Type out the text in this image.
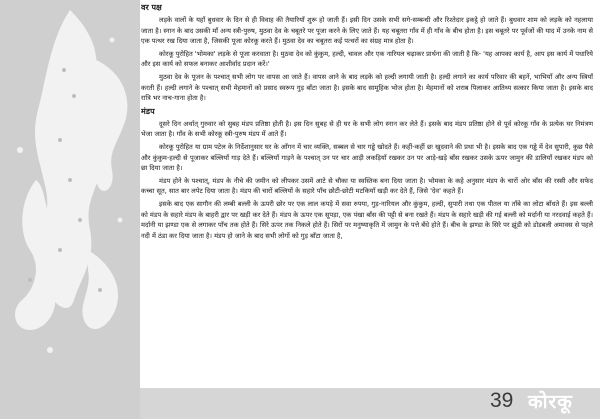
वर पक्ष

लड़के वालों के यहाँ बुधवार के दिन से ही विवाह की तैयारियाँ शुरू हो जाती हैं। इसी दिन उसके सभी सगे-सम्बन्धी और रिश्तेदार इकट्ठे हो जाते हैं। बुधवार शाम को लड़के को नहलाया जाता है। स्नान के बाद उसकी माँ अन्य स्त्री-पुरुष, मुठवा देव के चबूतरे पर पूजा करने के लिए जाते हैं। यह चबूतरा गाँव में ही गाँव के बीच होता है। इस चबूतरे पर पूर्वजों की याद में उनके नाम से एक पत्थर रख दिया जाता है, जिसकी पूजा कोरकू करते हैं। मुठवा देव का चबूतरा कई पत्थरों का संग्रह मात्र होता है।

कोरकू पुरोहित 'भोमका' लड़के से पूजा करवाता है। मुठवा देव को कुंकुम, हल्दी, चावल और एक नारियल चढ़ाकर प्रार्थना की जाती है कि- 'यह आपका कार्य है, आप इस कार्य में पधारिये और इस कार्य को सफल बनाकर आशीर्वाद प्रदान करें।'

मुठवा देव के पूजन के पश्चात् सभी लोग पर वापस आ जाते हैं। वापस आने के बाद लड़के को हल्दी लगायी जाती है। हल्दी लगाने का कार्य परिवार की बहनें, भाभियाँ और अन्य स्त्रियाँ करती हैं। हल्दी लगाने के पश्चात् सभी मेहमानों को प्रसाद स्वरूप गुड़ बाँटा जाता है। इसके बाद सामूहिक भोज होता है। मेहमानों को शराब पिलाकर आतिथ्य सत्कार किया जाता है। इसके बाद रात्रि भर नाच-गाना होता है।

मंडप

दूसरे दिन अर्थात् गुरुवार को सुबह मंडप प्रतिष्ठा होती है। इस दिन सुबह से ही घर के सभी लोग स्नान कर लेते हैं। इसके बाद मंडप प्रतिष्ठा होने से पूर्व कोरकू गाँव के प्रत्येक घर निमंत्रण भेजा जाता है। गाँव के सभी कोरकू स्त्री-पुरुष मंडप में आते हैं।

कोरकू पुरोहित या ग्राम पटेल के निर्देशानुसार घर के आँगन में चार व्यक्ति, सब्बल से चार गड्ढे खोदते हैं। कहीं-कहीं छः खुदवाने की प्रथा भी है। इसके बाद एक गड्ढे में देव सुपारी, कुछ पैसे और कुंकुम-हल्दी से पूजाकर बल्लियाँ गाड़ देते हैं। बल्लियाँ गाड़ने के पश्चात् उन पर चार आड़ी लकड़ियाँ रखकर उन पर आड़े-खड़े बाँस रखकर उसके ऊपर जामुन की डालियाँ रखकर मंडप को छा दिया जाता है।

मंडप होने के पश्चात्, मंडप के नीचे की जमीन को लीपकर उसमें आटे से चौका या स्वस्तिक बना दिया जाता है। भोमका के कहे अनुसार मंडप के चारों ओर बाँस की रस्सी और सफेद कच्चा सूत, सात बार लपेट दिया जाता है। मंडप की चारों बल्लियों के सहारे पाँच छोटी-छोटी मटकियाँ खड़ी कर देते हैं, जिसे 'देव' कहते हैं।

इसके बाद एक सागौन की लम्बी बल्ली के ऊपरी छोर पर एक लाल कपड़े में सवा रुपया, गुड़-नारियल और कुंकुम, हल्दी, सुपारी तथा एक पीतल या ताँबे का लोटा बाँधते हैं। इस बल्ली को मंडप के सहारे मंडप के बाहरी द्वार पर खड़ी कर देते हैं। मंडप के ऊपर एक सूपड़ा, एक पंखा बाँस की पट्टी से बना रखते हैं। मंडप के सहारे खड़ी की गई बल्ली को मर्दानी या नरदवाई कहते हैं। मर्दानी या झण्डा एक से लगाकर पाँच तक होते हैं। सिरे ऊपर तक निकले होते हैं। सिरों पर मनुष्याकृति में जामुन के पत्ते बँधे होते हैं। बीच के झण्डा के सिरे पर झूंडी को डोडबली अमावस से पहले नदी में ठंडा कर दिया जाता है। मंडप हो जाने के बाद सभी लोगों को गुड़ बाँटा जाता है,

39 कोरकू
